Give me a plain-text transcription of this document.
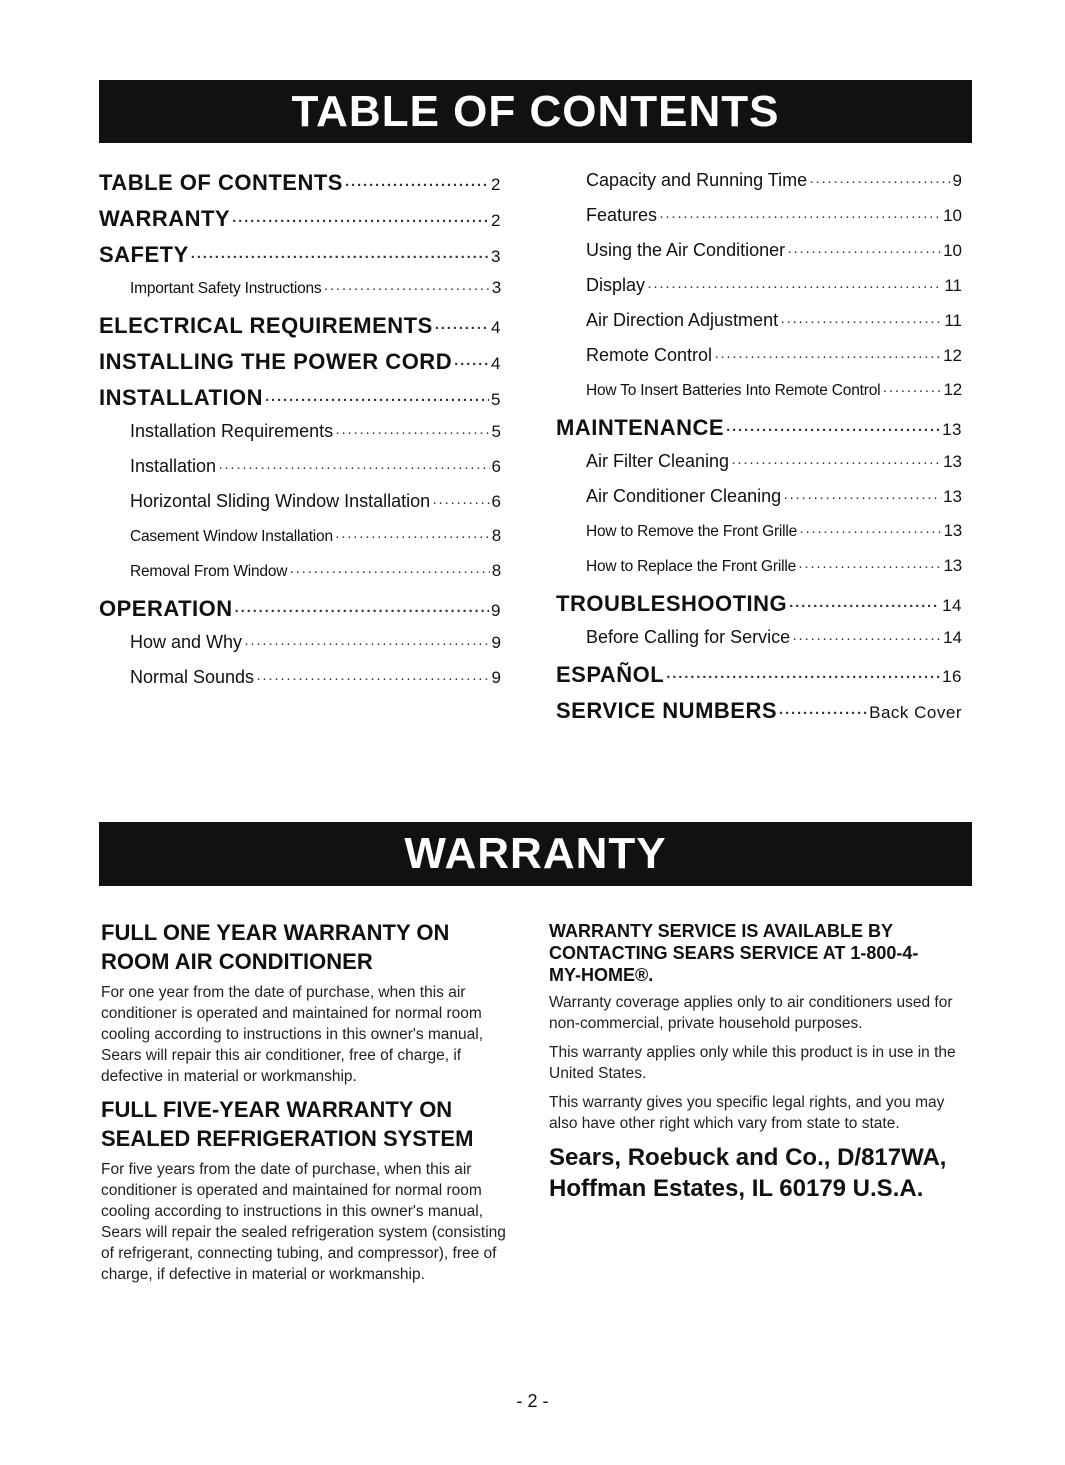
TABLE OF CONTENTS
TABLE OF CONTENTS ·····	2
WARRANTY ·····	2
SAFETY ·····	3
Important Safety Instructions ·····	3
ELECTRICAL REQUIREMENTS ·····	4
INSTALLING THE POWER CORD ····· 4
INSTALLATION ·····	5
Installation Requirements ·····	5
Installation ·····	6
Horizontal Sliding Window Installation ·····	6
Casement Window Installation ·····	8
Removal From Window ·····	8
OPERATION ·····	9
How and Why ·····	9
Normal Sounds ·····	9
Capacity and Running Time ·····	9
Features ·····	10
Using the Air Conditioner ·····	10
Display ·····	11
Air Direction Adjustment ·····	11
Remote Control ·····	12
How To Insert Batteries Into Remote Control ·····	12
MAINTENANCE ·····	13
Air Filter Cleaning ·····	13
Air Conditioner Cleaning ·····	13
How to Remove the Front Grille ·····	13
How to Replace the Front Grille ·····	13
TROUBLESHOOTING ·····	14
Before Calling for Service ·····	14
ESPAÑOL ·····	16
SERVICE NUMBERS ·····	Back Cover
WARRANTY
FULL ONE YEAR WARRANTY ON ROOM AIR CONDITIONER
For one year from the date of purchase, when this air conditioner is operated and maintained for normal room cooling according to instructions in this owner's manual, Sears will repair this air conditioner, free of charge, if defective in material or workmanship.
FULL FIVE-YEAR WARRANTY ON SEALED REFRIGERATION SYSTEM
For five years from the date of purchase, when this air conditioner is operated and maintained for normal room cooling according to instructions in this owner's manual, Sears will repair the sealed refrigeration system (consisting of refrigerant, connecting tubing, and compressor), free of charge, if defective in material or workmanship.
WARRANTY SERVICE IS AVAILABLE BY CONTACTING SEARS SERVICE AT 1-800-4-MY-HOME®.
Warranty coverage applies only to air conditioners used for non-commercial, private household purposes.
This warranty applies only while this product is in use in the United States.
This warranty gives you specific legal rights, and you may also have other right which vary from state to state.
Sears, Roebuck and Co., D/817WA,
Hoffman Estates, IL 60179 U.S.A.
- 2 -
